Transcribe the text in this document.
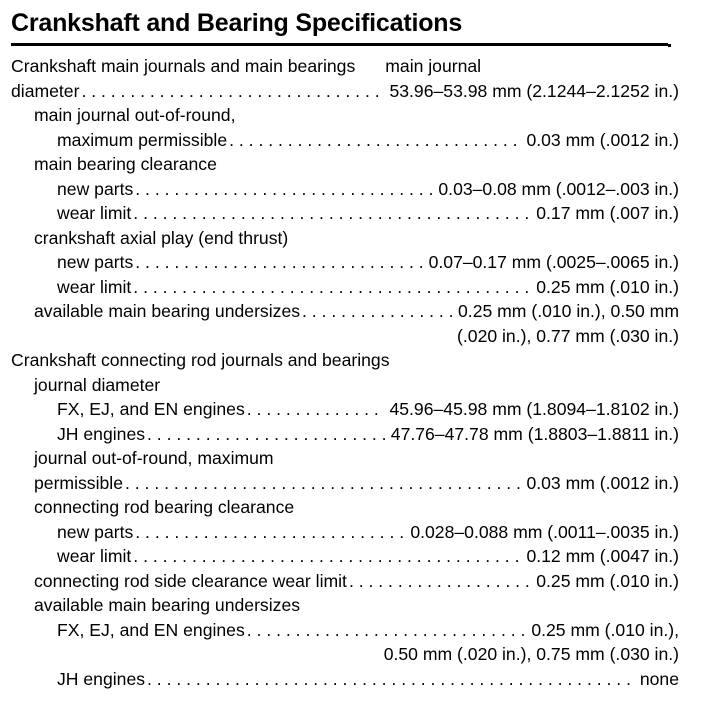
Crankshaft and Bearing Specifications
Crankshaft main journals and main bearings main journal
diameter . . .	53.96–53.98 mm (2.1244–2.1252 in.)
main journal out-of-round,
maximum permissible . . .	0.03 mm (.0012 in.)
main bearing clearance
new parts . . .	0.03–0.08 mm (.0012–.003 in.)
wear limit . . .	0.17 mm (.007 in.)
crankshaft axial play (end thrust)
new parts . . .	0.07–0.17 mm (.0025–.0065 in.)
wear limit . . .	0.25 mm (.010 in.)
available main bearing undersizes . . .	0.25 mm (.010 in.), 0.50 mm
(.020 in.), 0.77 mm (.030 in.)
Crankshaft connecting rod journals and bearings
journal diameter
FX, EJ, and EN engines . . .	45.96–45.98 mm (1.8094–1.8102 in.)
JH engines . . .	47.76–47.78 mm (1.8803–1.8811 in.)
journal out-of-round, maximum
permissible . . .	0.03 mm (.0012 in.)
connecting rod bearing clearance
new parts . . .	0.028–0.088 mm (.0011–.0035 in.)
wear limit . . .	0.12 mm (.0047 in.)
connecting rod side clearance wear limit . . .	0.25 mm (.010 in.)
available main bearing undersizes
FX, EJ, and EN engines . . .	0.25 mm (.010 in.),
0.50 mm (.020 in.), 0.75 mm (.030 in.)
JH engines . . .	none
